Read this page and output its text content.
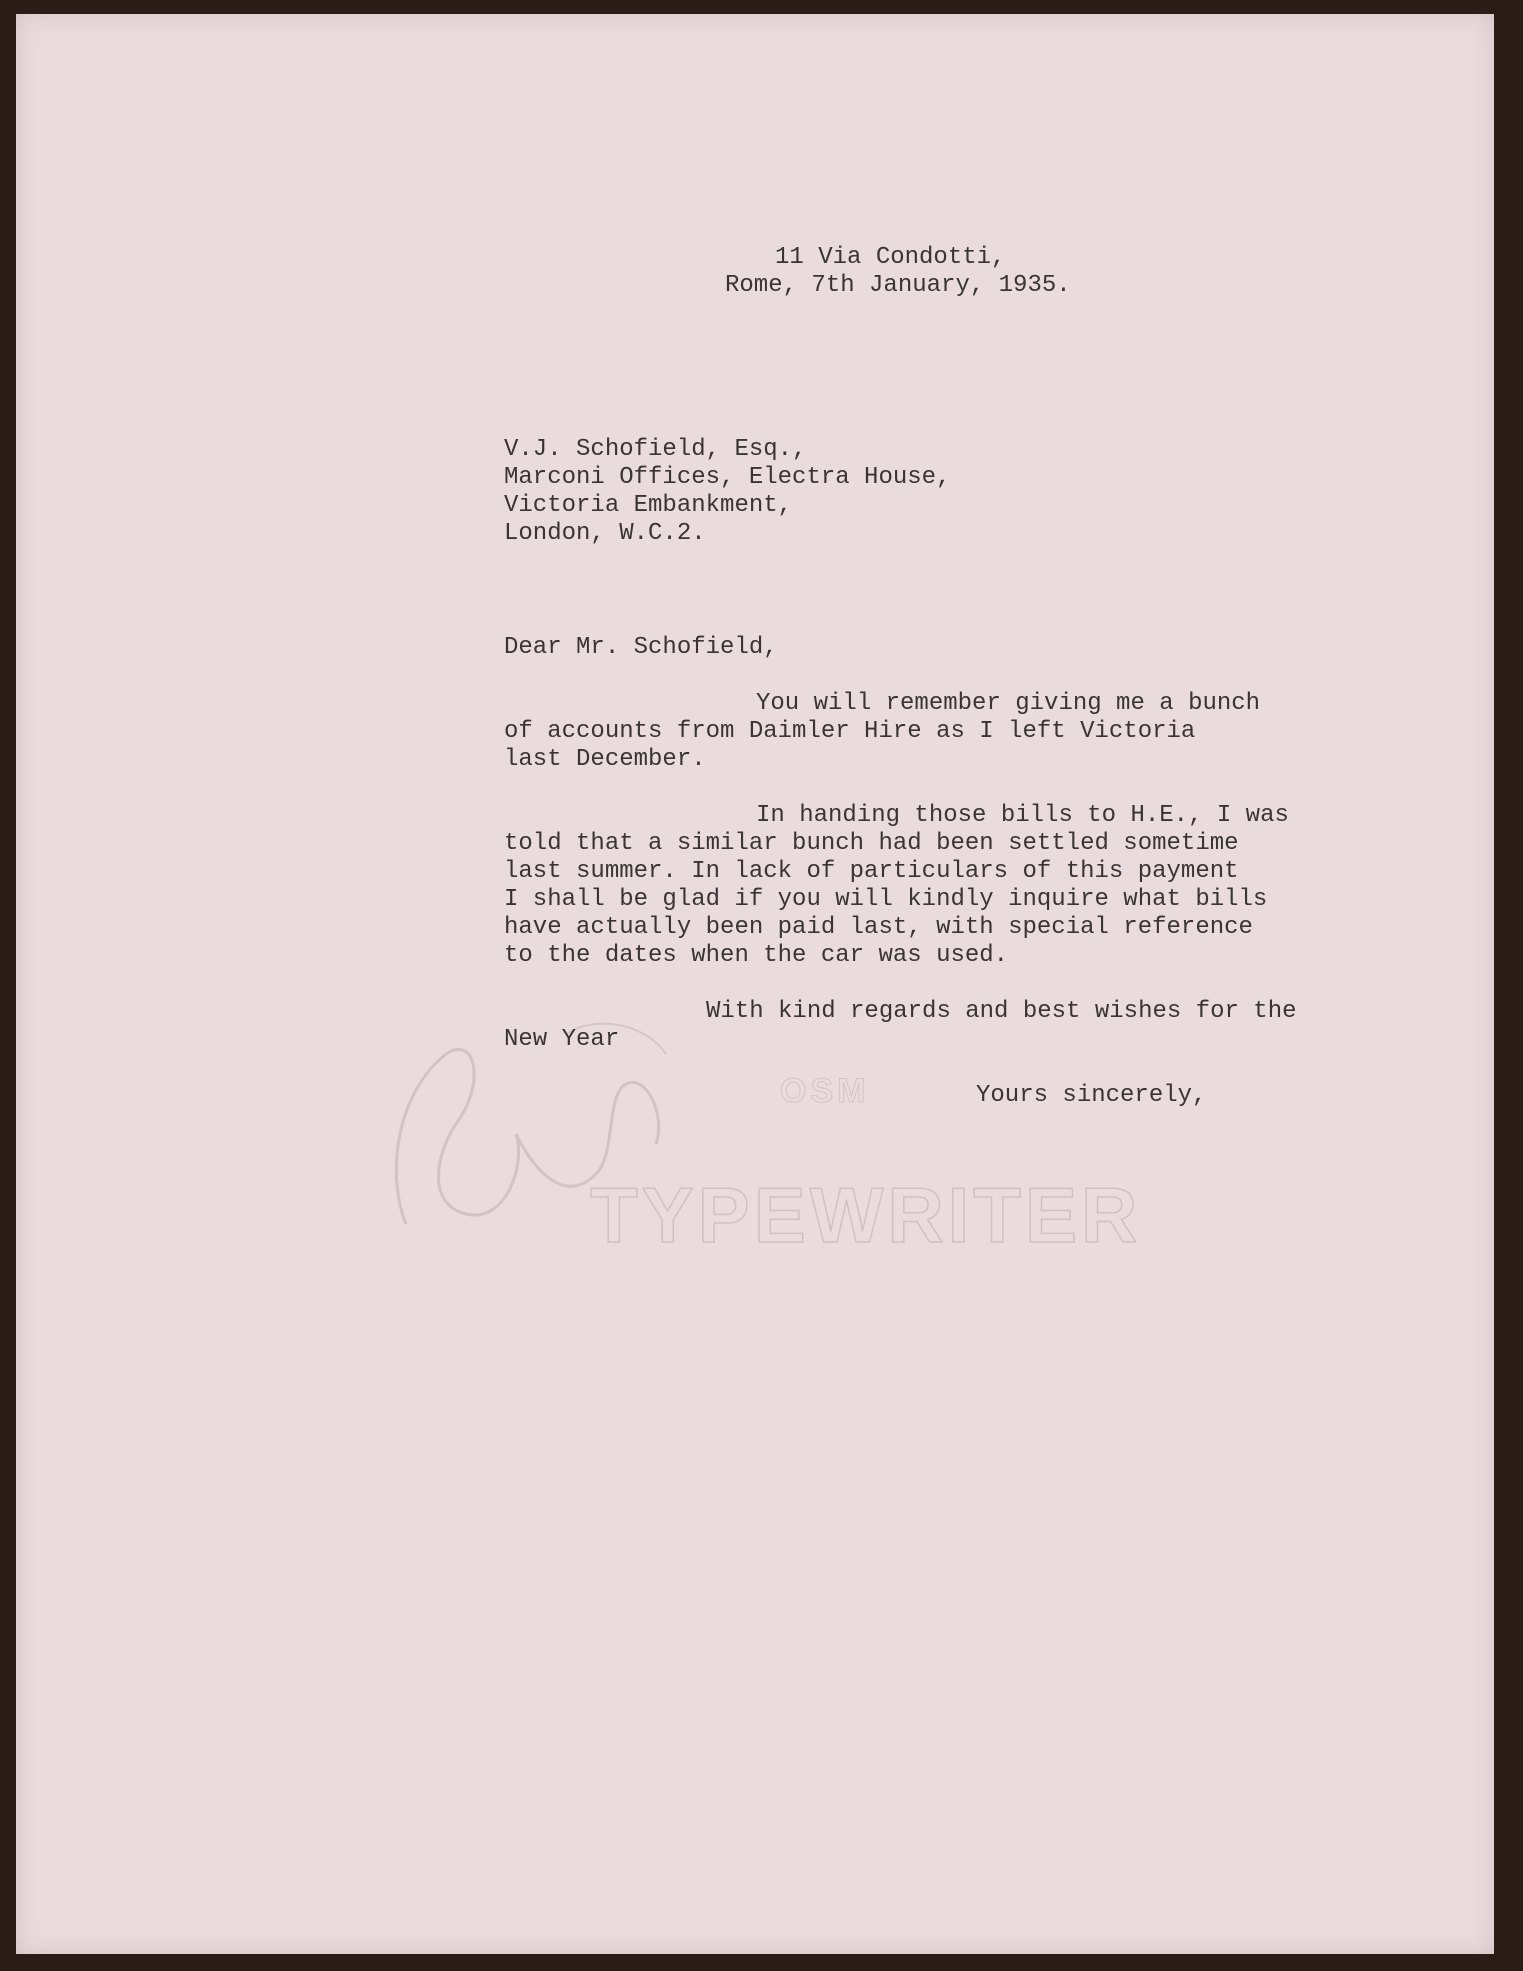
OSM
TYPEWRITER
11 Via Condotti,
Rome, 7th January, 1935.
V.J. Schofield, Esq.,
Marconi Offices, Electra House,
Victoria Embankment,
London, W.C.2.
Dear Mr. Schofield,
You will remember giving me a bunch
of accounts from Daimler Hire as I left Victoria
last December.
In handing those bills to H.E., I was
told that a similar bunch had been settled sometime
last summer. In lack of particulars of this payment
I shall be glad if you will kindly inquire what bills
have actually been paid last, with special reference
to the dates when the car was used.
With kind regards and best wishes for the
New Year
Yours sincerely,
